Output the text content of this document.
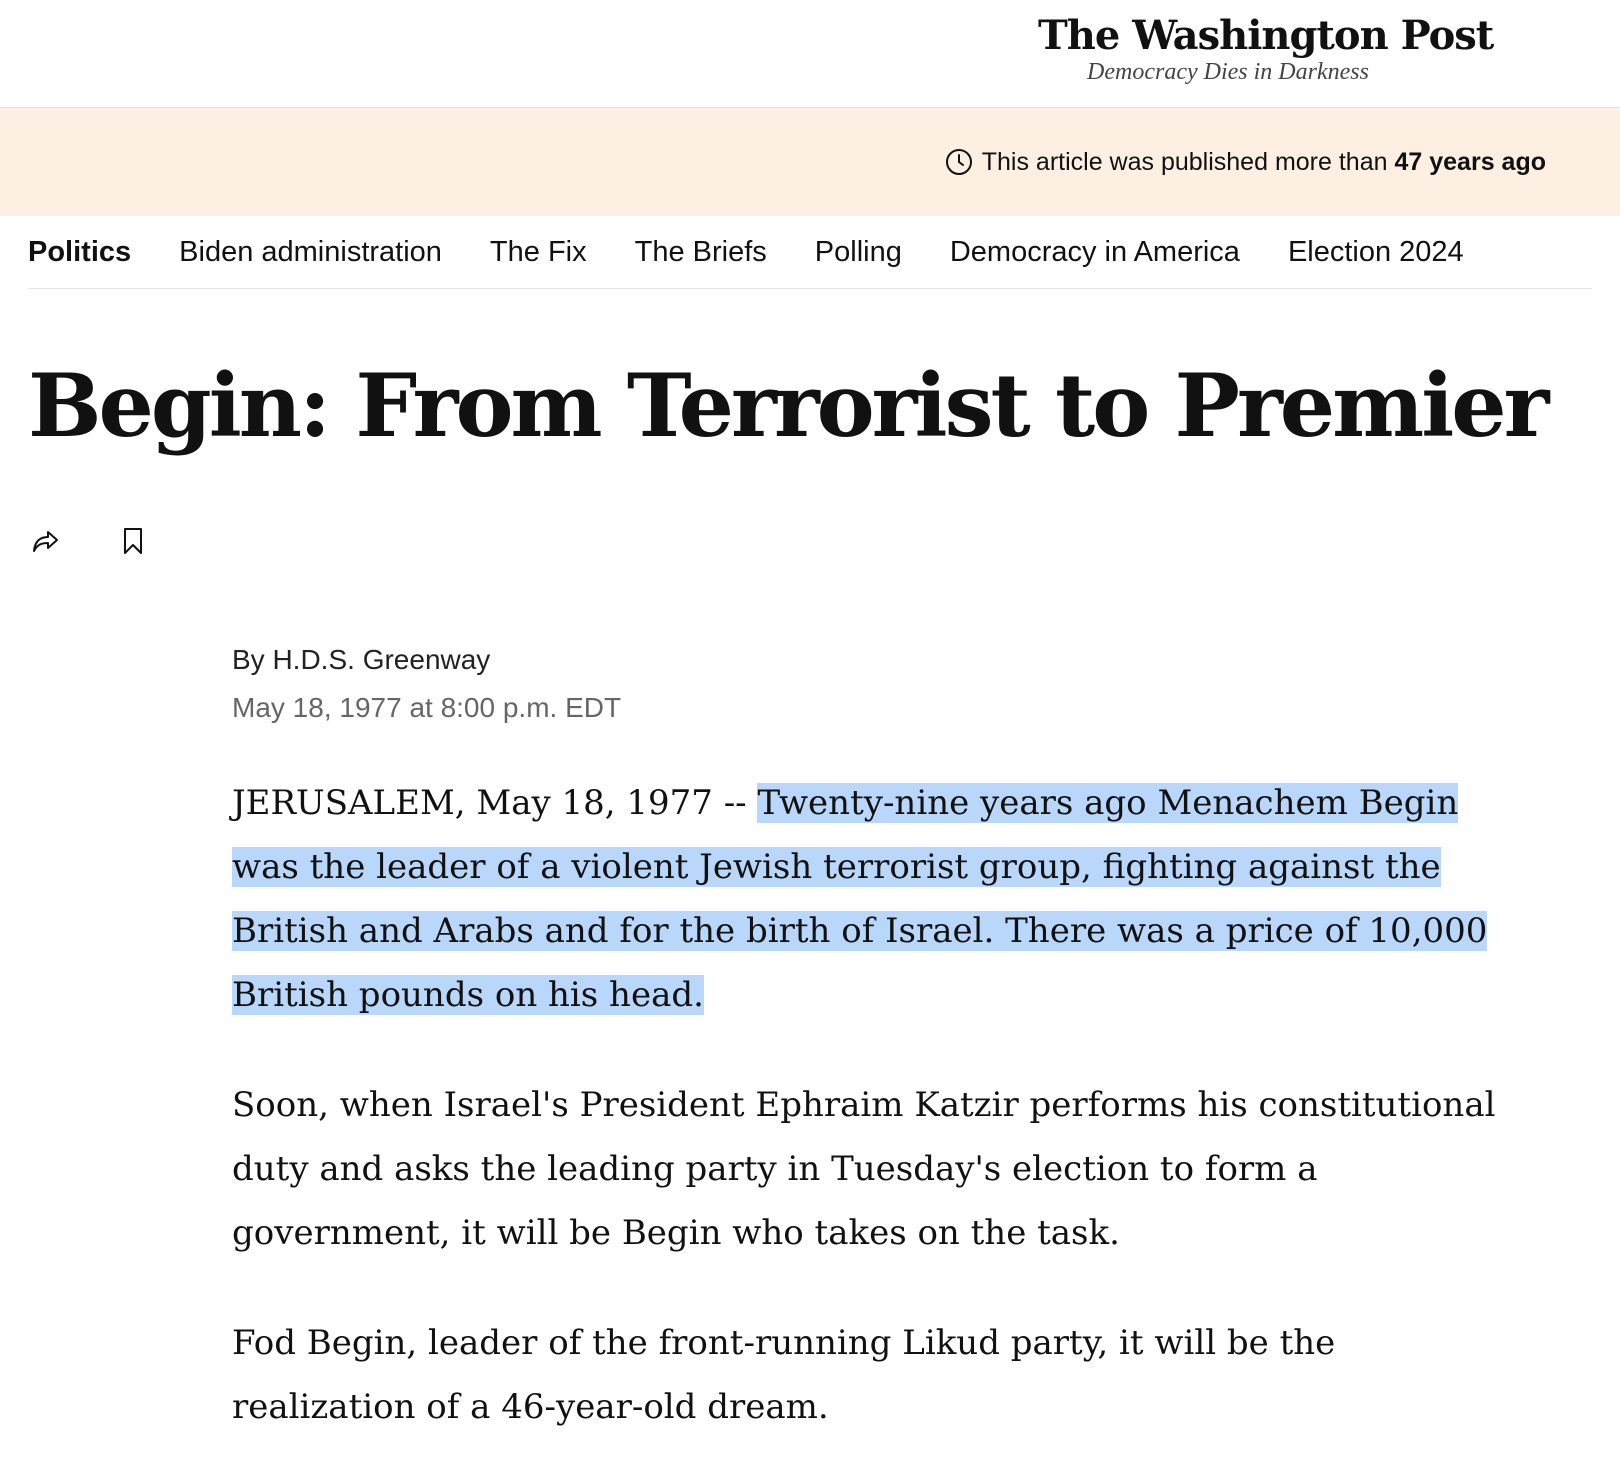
The Washington Post
Democracy Dies in Darkness
This article was published more than 47 years ago
Politics Biden administration The Fix The Briefs Polling Democracy in America Election 2024
Begin: From Terrorist to Premier
By H.D.S. Greenway
May 18, 1977 at 8:00 p.m. EDT

JERUSALEM, May 18, 1977 -- Twenty-nine years ago Menachem Begin was the leader of a violent Jewish terrorist group, fighting against the British and Arabs and for the birth of Israel. There was a price of 10,000 British pounds on his head.

Soon, when Israel's President Ephraim Katzir performs his constitutional duty and asks the leading party in Tuesday's election to form a government, it will be Begin who takes on the task.

Fod Begin, leader of the front-running Likud party, it will be the realization of a 46-year-old dream.
